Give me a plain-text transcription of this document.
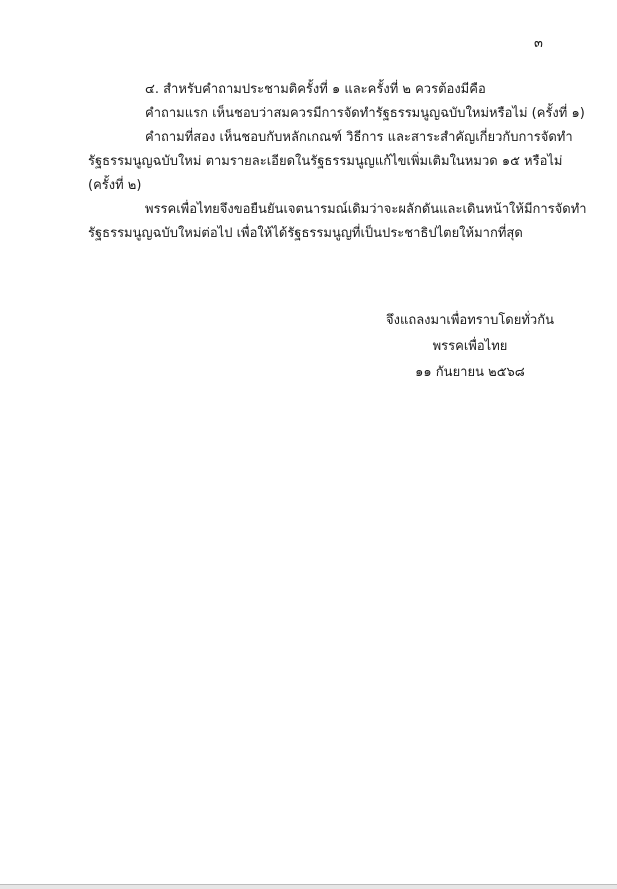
๓

๔. สำหรับคำถามประชามติครั้งที่ ๑ และครั้งที่ ๒ ควรต้องมีคือ

คำถามแรก เห็นชอบว่าสมควรมีการจัดทำรัฐธรรมนูญฉบับใหม่หรือไม่ (ครั้งที่ ๑)

คำถามที่สอง เห็นชอบกับหลักเกณฑ์ วิธีการ และสาระสำคัญเกี่ยวกับการจัดทำ

รัฐธรรมนูญฉบับใหม่ ตามรายละเอียดในรัฐธรรมนูญแก้ไขเพิ่มเติมในหมวด ๑๕ หรือไม่

(ครั้งที่ ๒)

พรรคเพื่อไทยจึงขอยืนยันเจตนารมณ์เดิมว่าจะผลักดันและเดินหน้าให้มีการจัดทำ

รัฐธรรมนูญฉบับใหม่ต่อไป เพื่อให้ได้รัฐธรรมนูญที่เป็นประชาธิปไตยให้มากที่สุด

จึงแถลงมาเพื่อทราบโดยทั่วกัน
พรรคเพื่อไทย
๑๑ กันยายน ๒๕๖๘
